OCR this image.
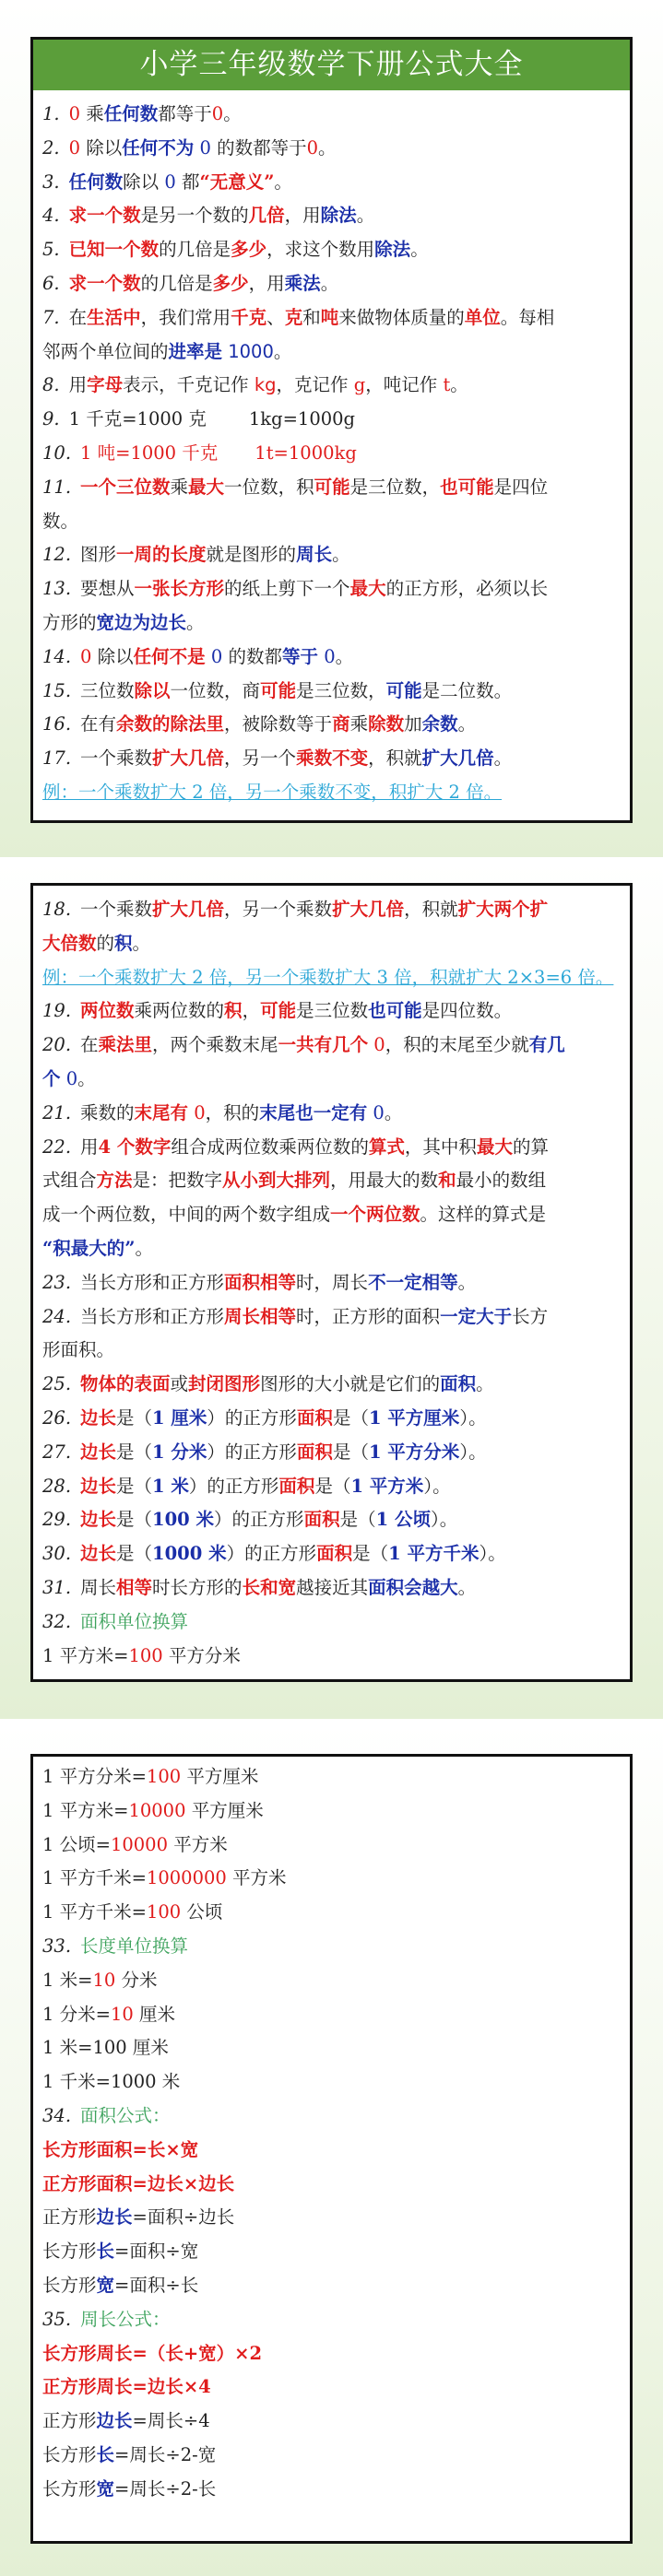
小学三年级数学下册公式大全
1. 0 乘任何数都等于0。
2. 0 除以任何不为 0 的数都等于0。
3. 任何数除以 0 都“无意义”。
4. 求一个数是另一个数的几倍，用除法。
5. 已知一个数的几倍是多少，求这个数用除法。
6. 求一个数的几倍是多少，用乘法。
7. 在生活中，我们常用千克、克和吨来做物体质量的单位。每相
邻两个单位间的进率是 1000。
8. 用字母表示，千克记作 kg，克记作 g，吨记作 t。
9. 1 千克=1000 克 1kg=1000g
10. 1 吨=1000 千克 1t=1000kg
11. 一个三位数乘最大一位数，积可能是三位数，也可能是四位
数。
12. 图形一周的长度就是图形的周长。
13. 要想从一张长方形的纸上剪下一个最大的正方形，必须以长
方形的宽边为边长。
14. 0 除以任何不是 0 的数都等于 0。
15. 三位数除以一位数，商可能是三位数，可能是二位数。
16. 在有余数的除法里，被除数等于商乘除数加余数。
17. 一个乘数扩大几倍，另一个乘数不变，积就扩大几倍。
例：一个乘数扩大 2 倍，另一个乘数不变，积扩大 2 倍。
18. 一个乘数扩大几倍，另一个乘数扩大几倍，积就扩大两个扩
大倍数的积。
例：一个乘数扩大 2 倍，另一个乘数扩大 3 倍，积就扩大 2×3=6 倍。
19. 两位数乘两位数的积，可能是三位数也可能是四位数。
20. 在乘法里，两个乘数末尾一共有几个 0，积的末尾至少就有几
个 0。
21. 乘数的末尾有 0，积的末尾也一定有 0。
22. 用4 个数字组合成两位数乘两位数的算式，其中积最大的算
式组合方法是：把数字从小到大排列，用最大的数和最小的数组
成一个两位数，中间的两个数字组成一个两位数。这样的算式是
“积最大的”。
23. 当长方形和正方形面积相等时，周长不一定相等。
24. 当长方形和正方形周长相等时，正方形的面积一定大于长方
形面积。
25. 物体的表面或封闭图形图形的大小就是它们的面积。
26. 边长是（1 厘米）的正方形面积是（1 平方厘米）。
27. 边长是（1 分米）的正方形面积是（1 平方分米）。
28. 边长是（1 米）的正方形面积是（1 平方米）。
29. 边长是（100 米）的正方形面积是（1 公顷）。
30. 边长是（1000 米）的正方形面积是（1 平方千米）。
31. 周长相等时长方形的长和宽越接近其面积会越大。
32. 面积单位换算
1 平方米=100 平方分米
1 平方分米=100 平方厘米
1 平方米=10000 平方厘米
1 公顷=10000 平方米
1 平方千米=1000000 平方米
1 平方千米=100 公顷
33. 长度单位换算
1 米=10 分米
1 分米=10 厘米
1 米=100 厘米
1 千米=1000 米
34. 面积公式：
长方形面积=长×宽
正方形面积=边长×边长
正方形边长=面积÷边长
长方形长=面积÷宽
长方形宽=面积÷长
35. 周长公式：
长方形周长=（长+宽）×2
正方形周长=边长×4
正方形边长=周长÷4
长方形长=周长÷2-宽
长方形宽=周长÷2-长
